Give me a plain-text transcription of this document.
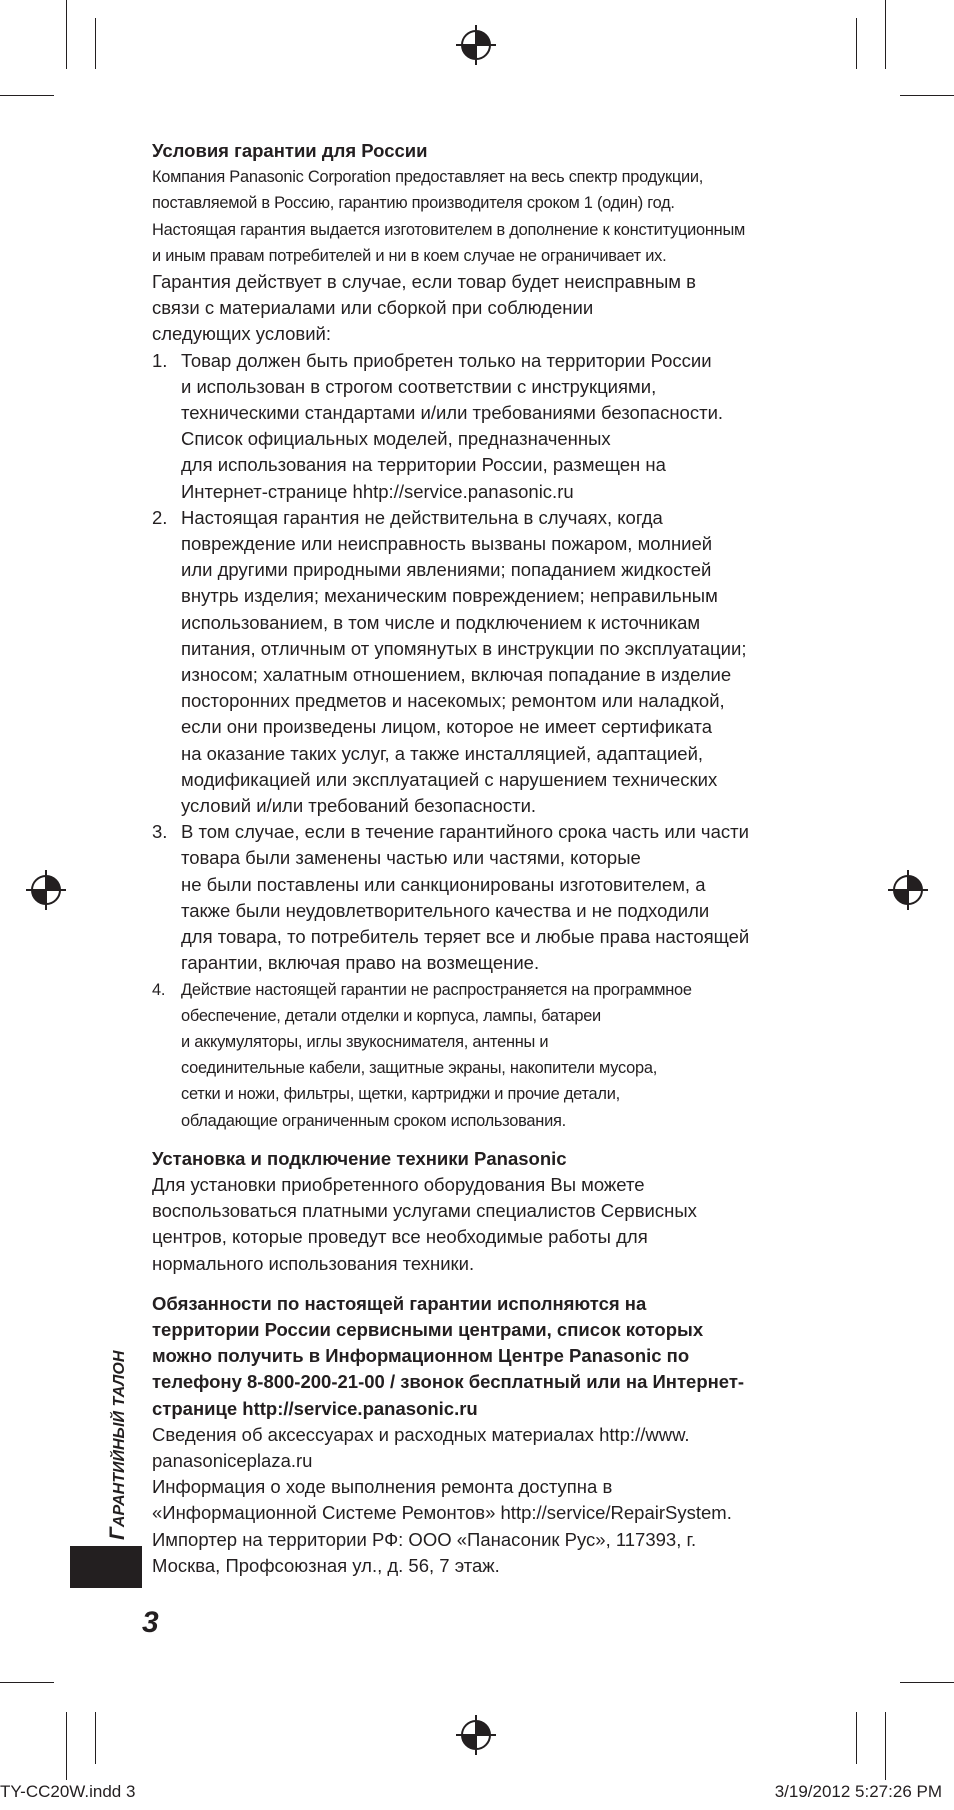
Условия гарантии для России

Компания Panasonic Corporation предоставляет на весь спектр продукции,

поставляемой в Россию, гарантию производителя сроком 1 (один) год.

Настоящая гарантия выдается изготовителем в дополнение к конституционным

и иным правам потребителей и ни в коем случае не ограничивает их.

Гарантия действует в случае, если товар будет неисправным в

связи с материалами или сборкой при соблюдении

следующих условий:

1. Товар должен быть приобретен только на территории России

и использован в строгом соответствии с инструкциями,

техническими стандартами и/или требованиями безопасности.

Список официальных моделей, предназначенных

для использования на территории России, размещен на

Интернет-странице hhtp://service.panasonic.ru

2. Настоящая гарантия не действительна в случаях, когда

повреждение или неисправность вызваны пожаром, молнией

или другими природными явлениями; попаданием жидкостей

внутрь изделия; механическим повреждением; неправильным

использованием, в том числе и подключением к источникам

питания, отличным от упомянутых в инструкции по эксплуатации;

износом; халатным отношением, включая попадание в изделие

посторонних предметов и насекомых; ремонтом или наладкой,

если они произведены лицом, которое не имеет сертификата

на оказание таких услуг, а также инсталляцией, адаптацией,

модификацией или эксплуатацией с нарушением технических

условий и/или требований безопасности.

3. В том случае, если в течение гарантийного срока часть или части

товара были заменены частью или частями, которые

не были поставлены или санкционированы изготовителем, а

также были неудовлетворительного качества и не подходили

для товара, то потребитель теряет все и любые права настоящей

гарантии, включая право на возмещение.

4. Действие настоящей гарантии не распространяется на программное

обеспечение, детали отделки и корпуса, лампы, батареи

и аккумуляторы, иглы звукоснимателя, антенны и

соединительные кабели, защитные экраны, накопители мусора,

сетки и ножи, фильтры, щетки, картриджи и прочие детали,

обладающие ограниченным сроком использования.

Установка и подключение техники Panasonic

Для установки приобретенного оборудования Вы можете

воспользоваться платными услугами специалистов Сервисных

центров, которые проведут все необходимые работы для

нормального использования техники.

Обязанности по настоящей гарантии исполняются на

территории России сервисными центрами, список которых

можно получить в Информационном Центре Panasonic по

телефону 8-800-200-21-00 / звонок бесплатный или на Интернет-

странице http://service.panasonic.ru

Сведения об аксессуарах и расходных материалах http://www.

panasoniceplaza.ru

Информация о ходе выполнения ремонта доступна в

«Информационной Системе Ремонтов» http://service/RepairSystem.

Импортер на территории РФ: ООО «Панасоник Рус», 117393, г.

Москва, Профсоюзная ул., д. 56, 7 этаж.

ГАРАНТИЙНЫЙ ТАЛОН
3
TY-CC20W.indd 3	3/19/2012 5:27:26 PM
